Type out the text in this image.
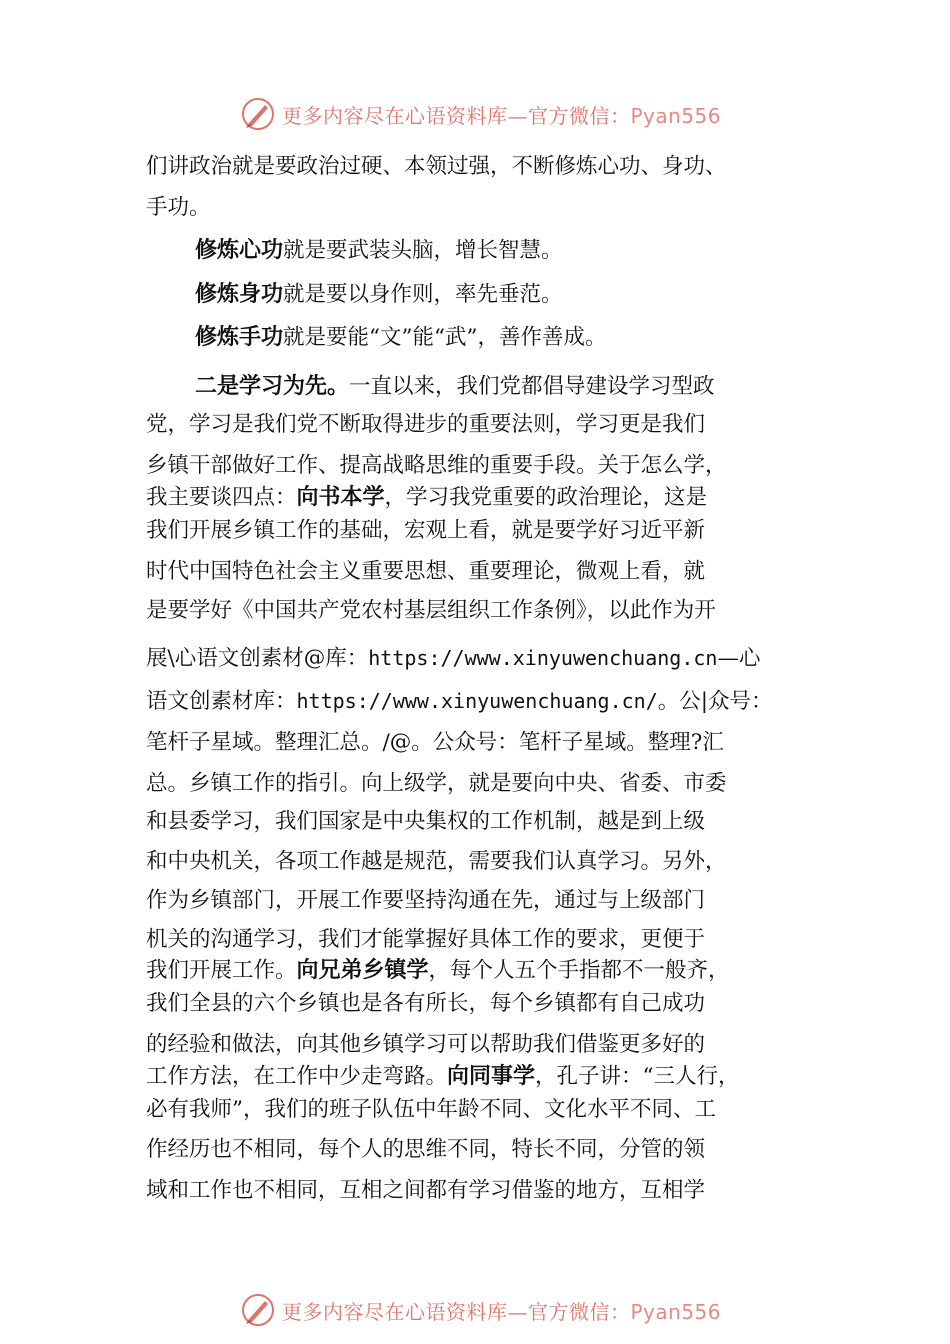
更多内容尽在心语资料库—官方微信：Pyan556
们讲政治就是要政治过硬、本领过强，不断修炼心功、身功、
手功。
修炼心功就是要武装头脑，增长智慧。
修炼身功就是要以身作则，率先垂范。
修炼手功就是要能“文”能“武”，善作善成。
二是学习为先。一直以来，我们党都倡导建设学习型政
党，学习是我们党不断取得进步的重要法则，学习更是我们
乡镇干部做好工作、提高战略思维的重要手段。关于怎么学，
我主要谈四点：向书本学，学习我党重要的政治理论，这是
我们开展乡镇工作的基础，宏观上看，就是要学好习近平新
时代中国特色社会主义重要思想、重要理论，微观上看，就
是要学好《中国共产党农村基层组织工作条例》，以此作为开
展\心语文创素材@库：https://www.xinyuwenchuang.cn—心
语文创素材库：https://www.xinyuwenchuang.cn/。公|众号：
笔杆子星域。整理汇总。/@。公众号：笔杆子星域。整理?汇
总。乡镇工作的指引。向上级学，就是要向中央、省委、市委
和县委学习，我们国家是中央集权的工作机制，越是到上级
和中央机关，各项工作越是规范，需要我们认真学习。另外，
作为乡镇部门，开展工作要坚持沟通在先，通过与上级部门
机关的沟通学习，我们才能掌握好具体工作的要求，更便于
我们开展工作。向兄弟乡镇学，每个人五个手指都不一般齐，
我们全县的六个乡镇也是各有所长，每个乡镇都有自己成功
的经验和做法，向其他乡镇学习可以帮助我们借鉴更多好的
工作方法，在工作中少走弯路。向同事学，孔子讲：“三人行，
必有我师”，我们的班子队伍中年龄不同、文化水平不同、工
作经历也不相同，每个人的思维不同，特长不同，分管的领
域和工作也不相同，互相之间都有学习借鉴的地方，互相学
更多内容尽在心语资料库—官方微信：Pyan556
